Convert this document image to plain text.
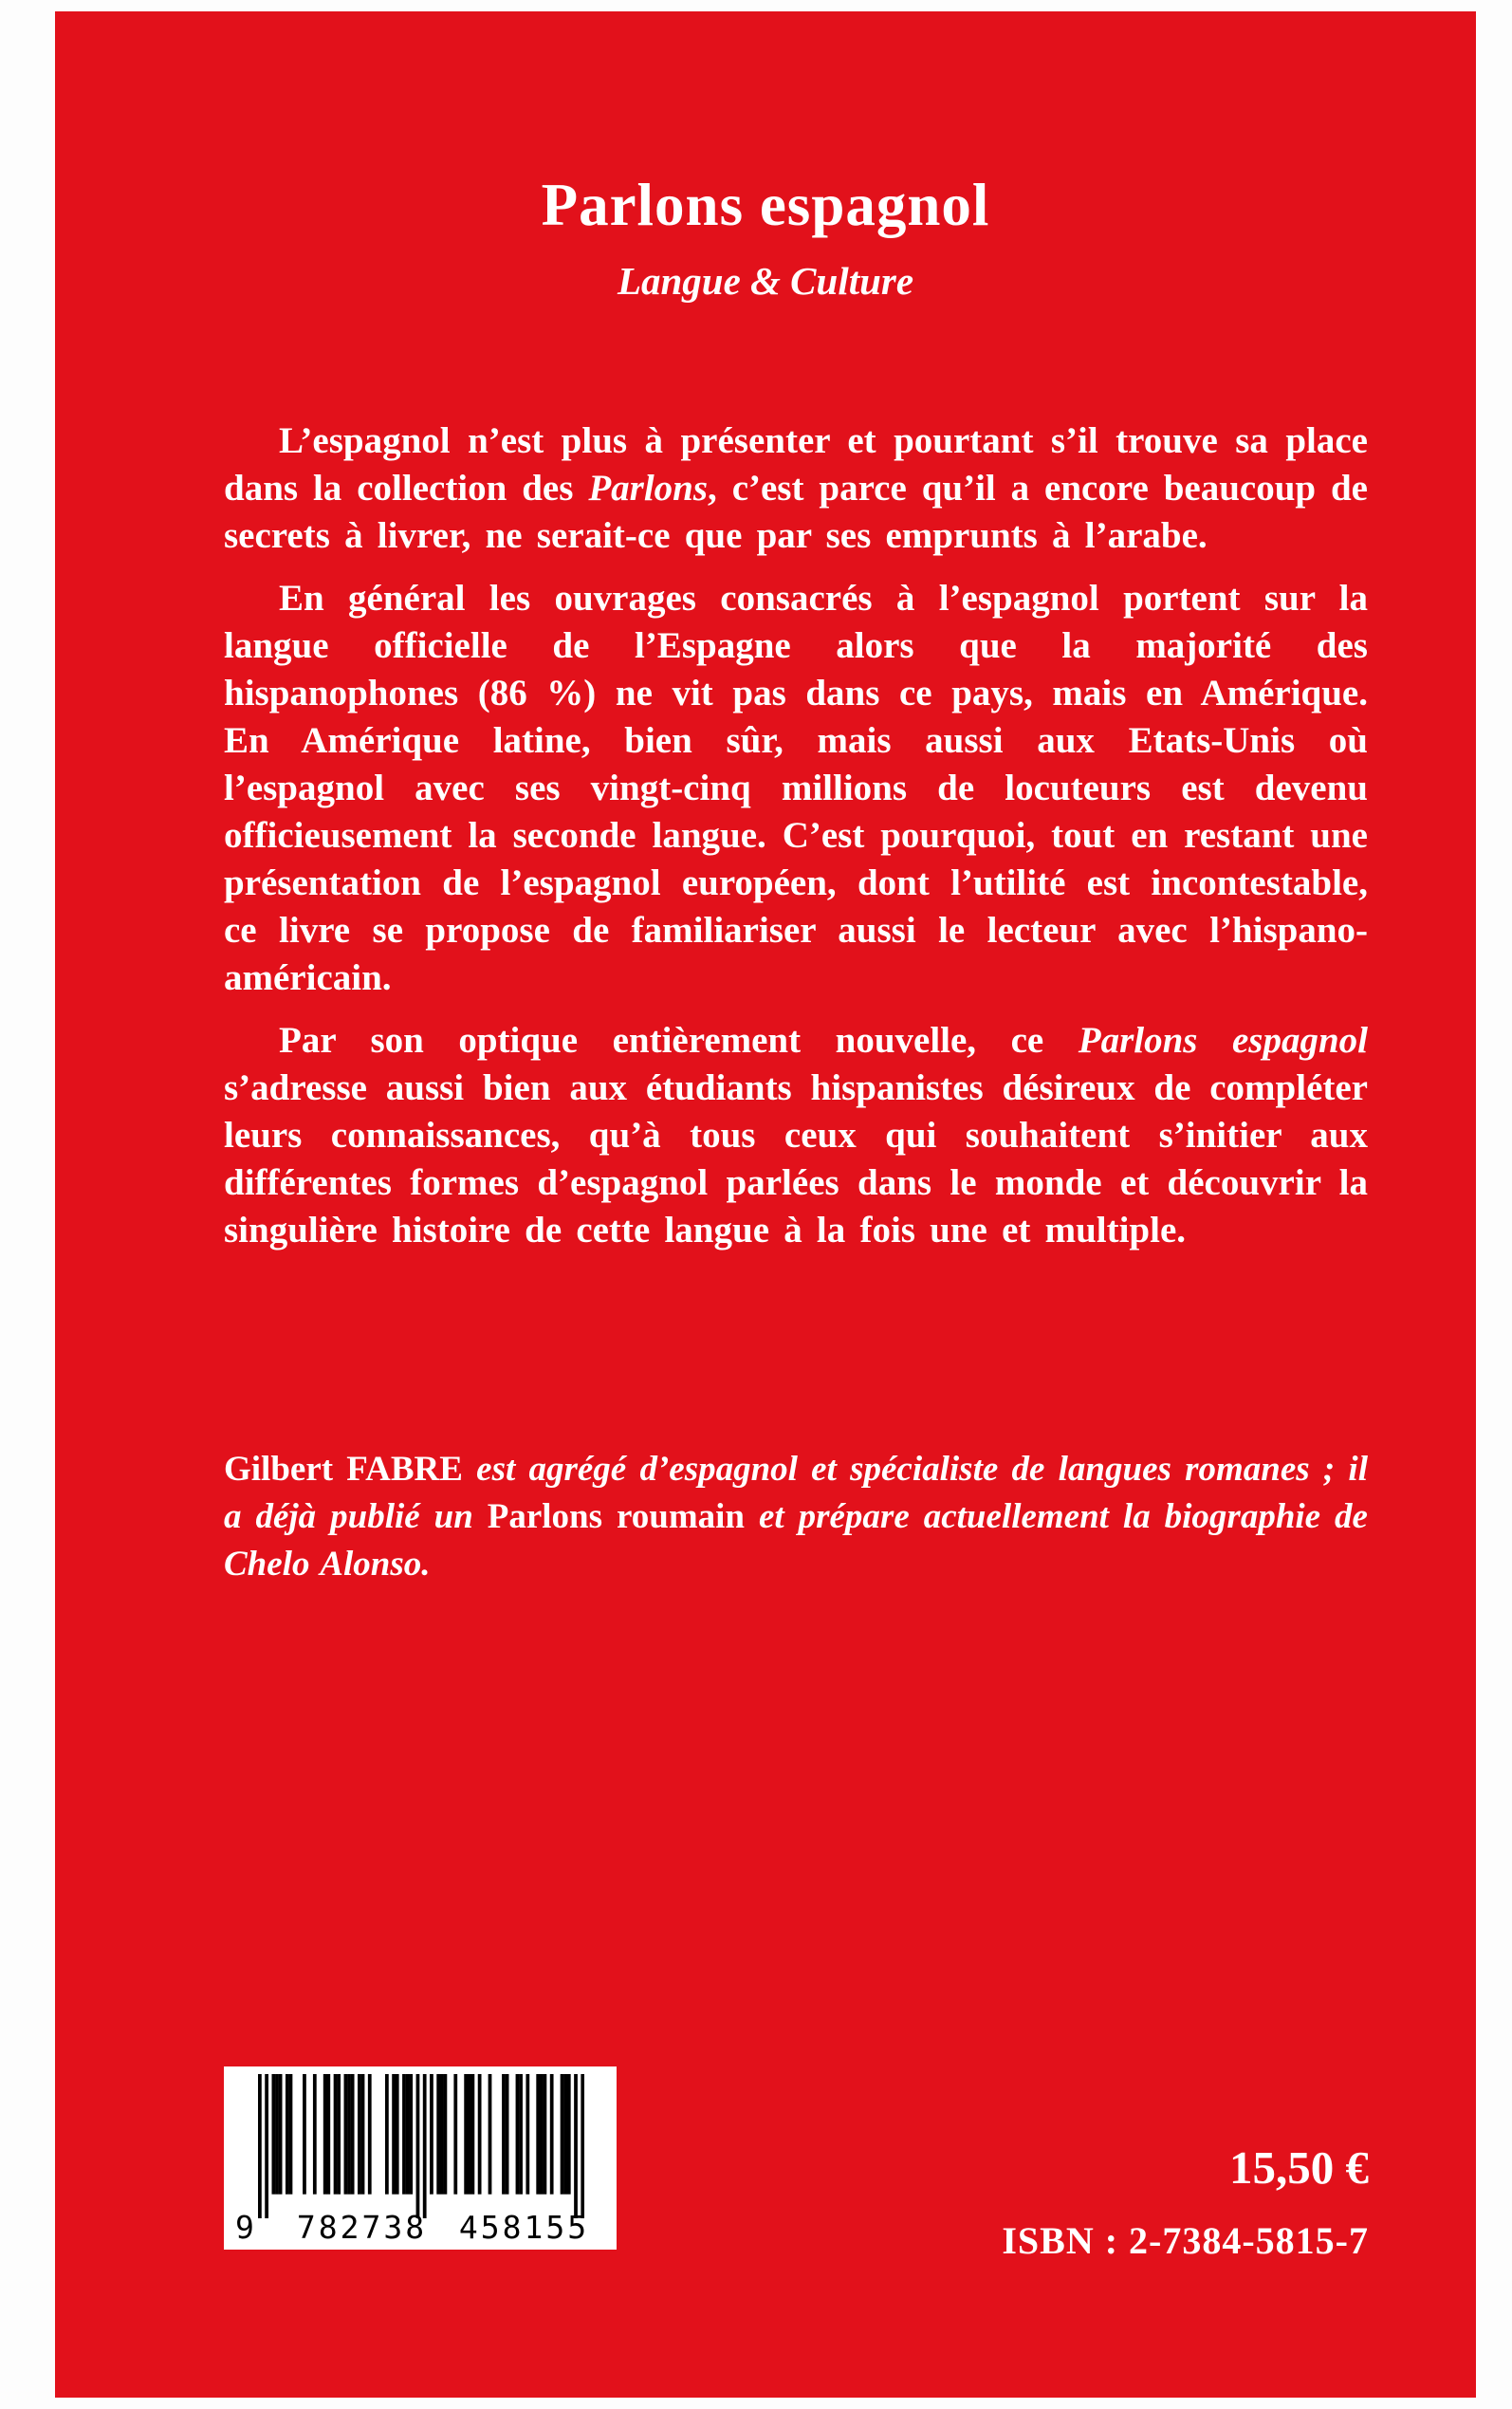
Parlons espagnol
Langue & Culture

L’espagnol n’est plus à présenter et pourtant s’il trouve sa place dans la collection des Parlons, c’est parce qu’il a encore beaucoup de secrets à livrer, ne serait-ce que par ses emprunts à l’arabe.

En général les ouvrages consacrés à l’espagnol portent sur la langue officielle de l’Espagne alors que la majorité des hispanophones (86 %) ne vit pas dans ce pays, mais en Amérique. En Amérique latine, bien sûr, mais aussi aux Etats-Unis où l’espagnol avec ses vingt-cinq millions de locuteurs est devenu officieusement la seconde langue. C’est pourquoi, tout en restant une présentation de l’espagnol européen, dont l’utilité est incontestable, ce livre se propose de familiariser aussi le lecteur avec l’hispano-américain.

Par son optique entièrement nouvelle, ce Parlons espagnol s’adresse aussi bien aux étudiants hispanistes désireux de compléter leurs connaissances, qu’à tous ceux qui souhaitent s’initier aux différentes formes d’espagnol parlées dans le monde et découvrir la singulière histoire de cette langue à la fois une et multiple.

Gilbert FABRE est agrégé d’espagnol et spécialiste de langues romanes ; il a déjà publié un Parlons roumain et prépare actuellement la biographie de Chelo Alonso.
9	782738	458155
15,50 €
ISBN : 2-7384-5815-7
